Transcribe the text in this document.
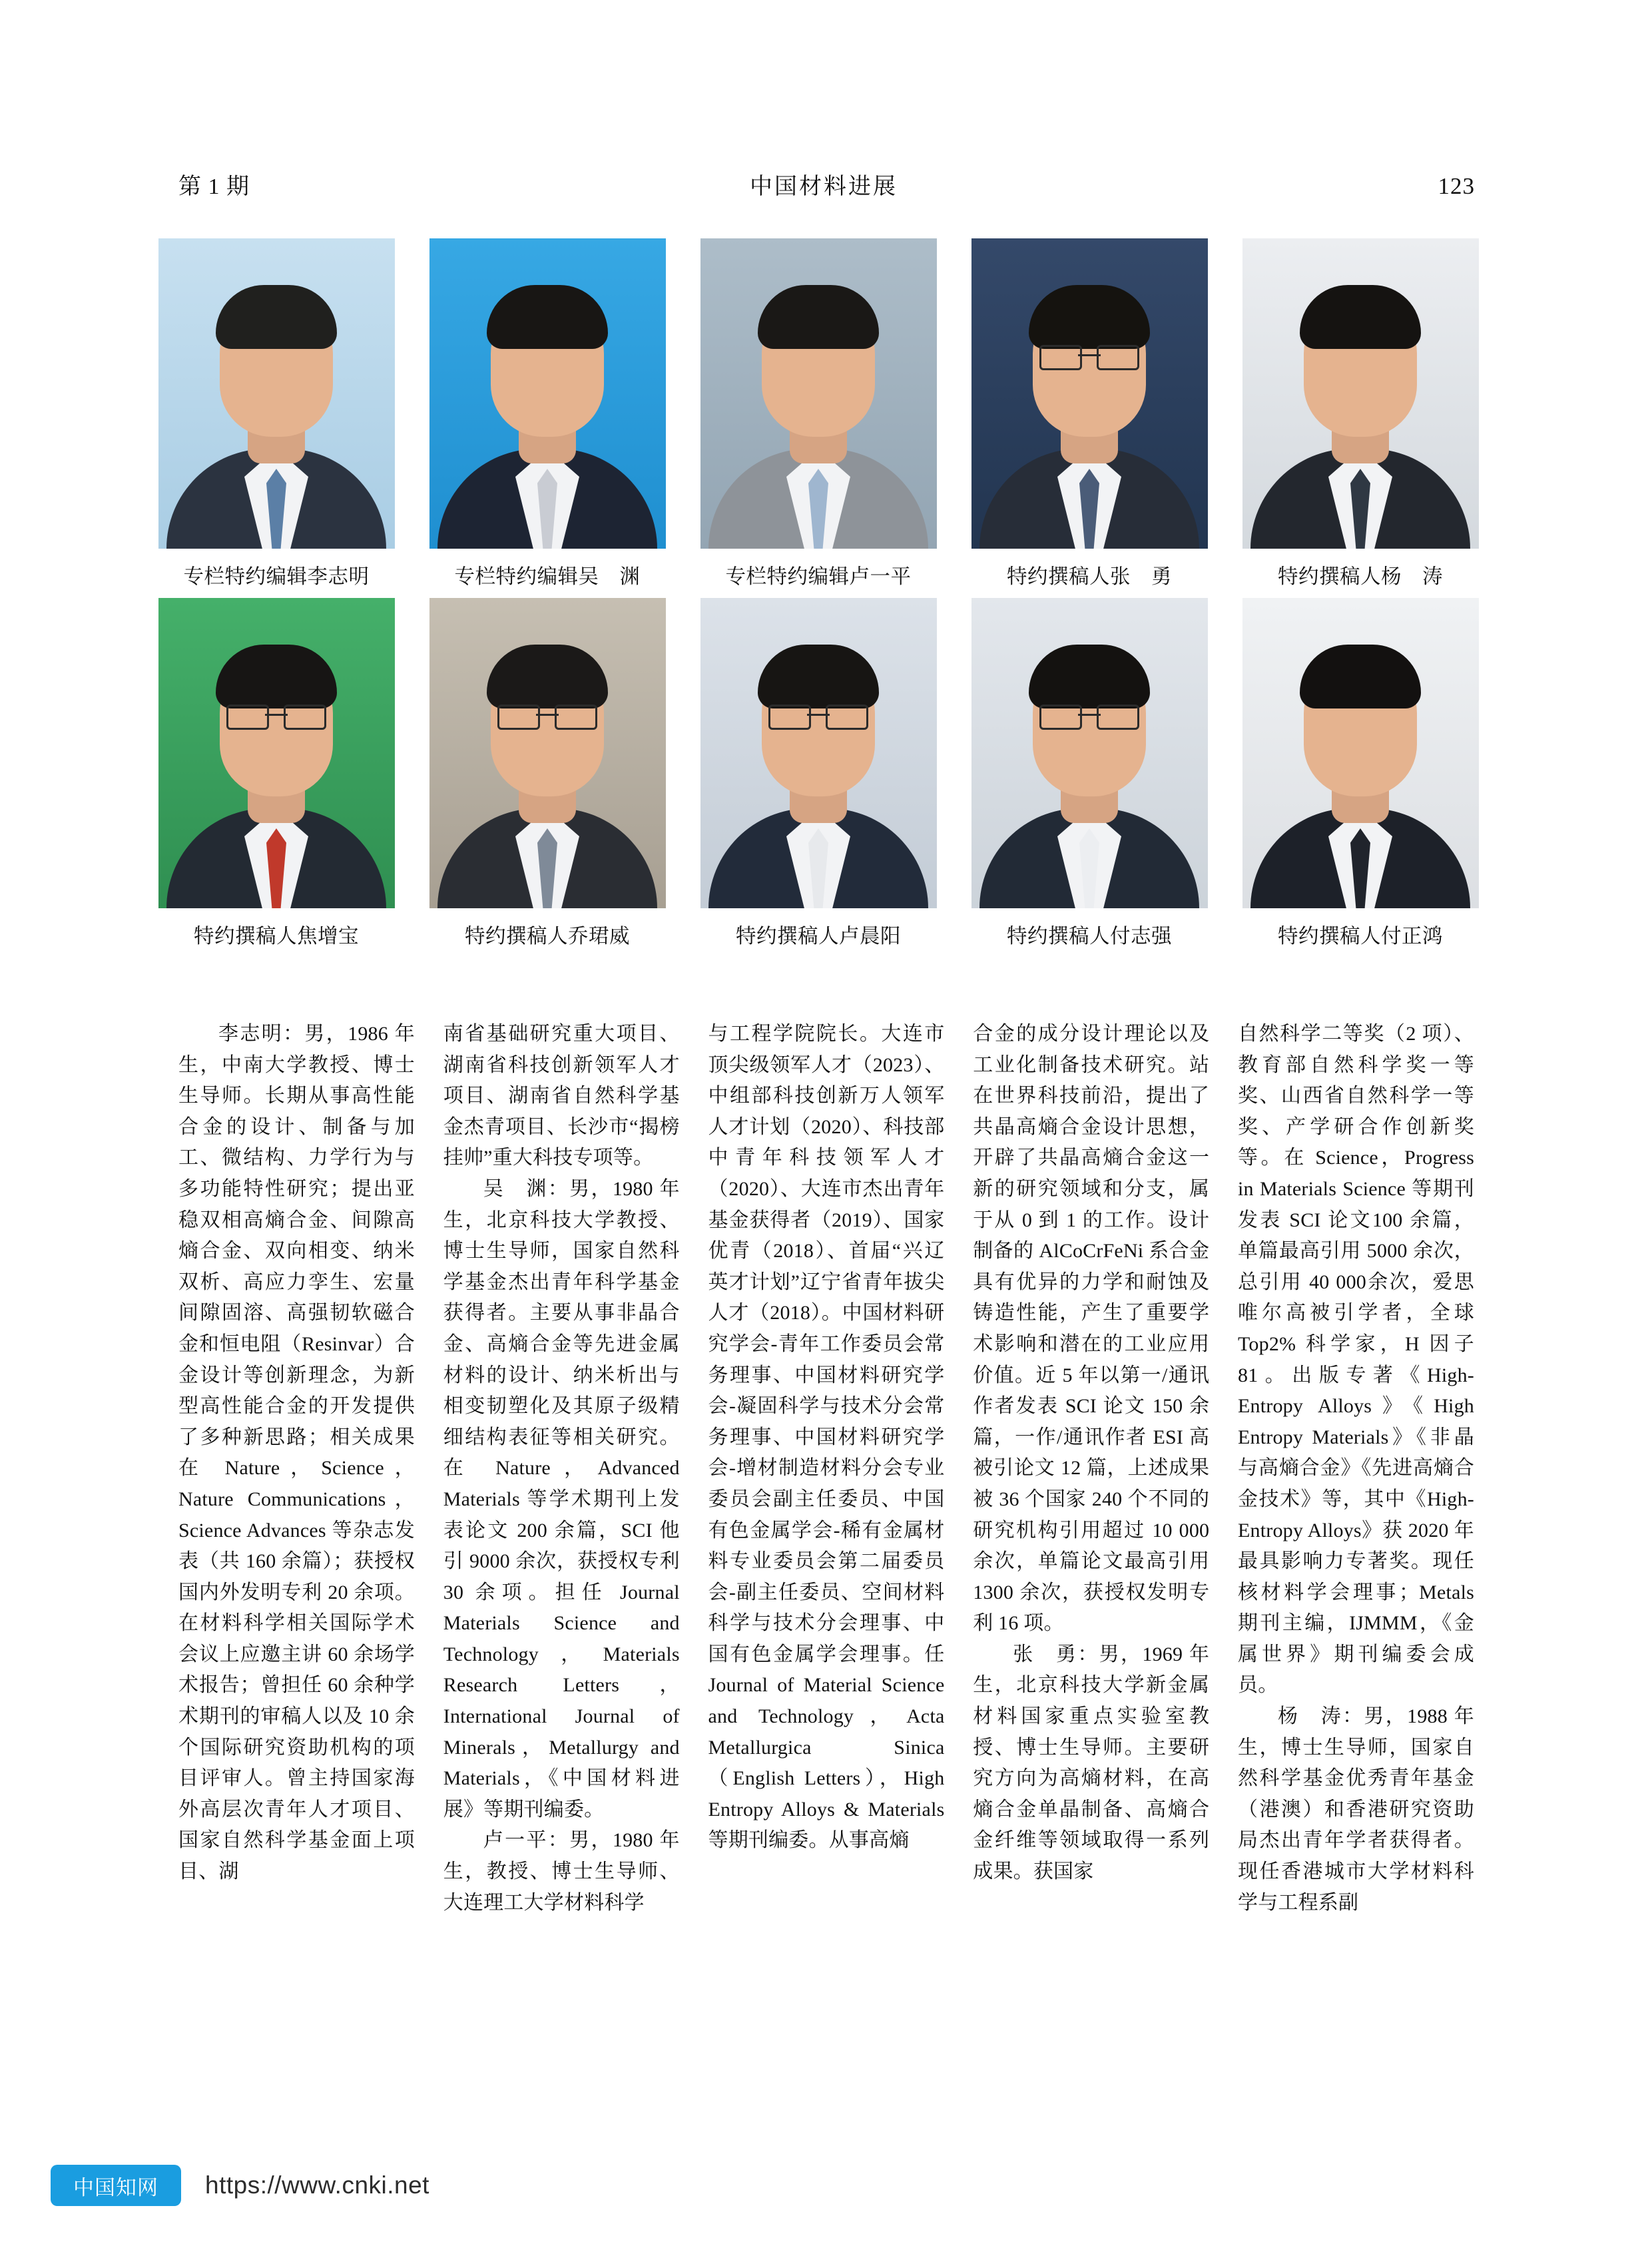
第 1 期	中国材料进展	123
专栏特约编辑李志明	专栏特约编辑吴　渊	专栏特约编辑卢一平	特约撰稿人张　勇	特约撰稿人杨　涛
特约撰稿人焦增宝	特约撰稿人乔珺威	特约撰稿人卢晨阳	特约撰稿人付志强	特约撰稿人付正鸿

李志明：男，1986 年生，中南大学教授、博士生导师。长期从事高性能合金的设计、制备与加工、微结构、力学行为与多功能特性研究；提出亚稳双相高熵合金、间隙高熵合金、双向相变、纳米双析、高应力孪生、宏量间隙固溶、高强韧软磁合金和恒电阻（Resinvar）合金设计等创新理念，为新型高性能合金的开发提供了多种新思路；相关成果在 Nature，Science，Nature Communications，Science Advances 等杂志发表（共 160 余篇）；获授权国内外发明专利 20 余项。在材料科学相关国际学术会议上应邀主讲 60 余场学术报告；曾担任 60 余种学术期刊的审稿人以及 10 余个国际研究资助机构的项目评审人。曾主持国家海外高层次青年人才项目、国家自然科学基金面上项目、湖

南省基础研究重大项目、湖南省科技创新领军人才项目、湖南省自然科学基金杰青项目、长沙市“揭榜挂帅”重大科技专项等。

吴　渊：男，1980 年生，北京科技大学教授、博士生导师，国家自然科学基金杰出青年科学基金获得者。主要从事非晶合金、高熵合金等先进金属材料的设计、纳米析出与相变韧塑化及其原子级精细结构表征等相关研究。在 Nature，Advanced Materials 等学术期刊上发表论文 200 余篇，SCI 他引 9000 余次，获授权专利 30 余项。担任 Journal Materials Science and Technology，Materials Research Letters，International Journal of Minerals，Metallurgy and Materials，《中国材料进展》等期刊编委。

卢一平：男，1980 年生，教授、博士生导师、大连理工大学材料科学

与工程学院院长。大连市顶尖级领军人才（2023）、中组部科技创新万人领军人才计划（2020）、科技部中青年科技领军人才（2020）、大连市杰出青年基金获得者（2019）、国家优青（2018）、首届“兴辽英才计划”辽宁省青年拔尖人才（2018）。中国材料研究学会-青年工作委员会常务理事、中国材料研究学会-凝固科学与技术分会常务理事、中国材料研究学会-增材制造材料分会专业委员会副主任委员、中国有色金属学会-稀有金属材料专业委员会第二届委员会-副主任委员、空间材料科学与技术分会理事、中国有色金属学会理事。任 Journal of Material Science and Technology，Acta Metallurgica Sinica（English Letters），High Entropy Alloys & Materials 等期刊编委。从事高熵

合金的成分设计理论以及工业化制备技术研究。站在世界科技前沿，提出了共晶高熵合金设计思想，开辟了共晶高熵合金这一新的研究领域和分支，属于从 0 到 1 的工作。设计制备的 AlCoCrFeNi 系合金具有优异的力学和耐蚀及铸造性能，产生了重要学术影响和潜在的工业应用价值。近 5 年以第一/通讯作者发表 SCI 论文 150 余篇，一作/通讯作者 ESI 高被引论文 12 篇，上述成果被 36 个国家 240 个不同的研究机构引用超过 10 000 余次，单篇论文最高引用 1300 余次，获授权发明专利 16 项。

张　勇：男，1969 年生，北京科技大学新金属材料国家重点实验室教授、博士生导师。主要研究方向为高熵材料，在高熵合金单晶制备、高熵合金纤维等领域取得一系列成果。获国家

自然科学二等奖（2 项）、教育部自然科学奖一等奖、山西省自然科学一等奖、产学研合作创新奖　等。在 Science，Progress in Materials Science 等期刊发表 SCI 论文100 余篇，单篇最高引用 5000 余次，总引用 40 000余次，爱思唯尔高被引学者，全球 Top2% 科学家，H 因子 81。出版专著《High-Entropy Alloys》《High Entropy Materials》《非晶与高熵合金》《先进高熵合金技术》等，其中《High-Entropy Alloys》获 2020 年最具影响力专著奖。现任核材料学会理事；Metals 期刊主编，IJMMM，《金属世界》期刊编委会成员。

杨　涛：男，1988 年生，博士生导师，国家自然科学基金优秀青年基金（港澳）和香港研究资助局杰出青年学者获得者。现任香港城市大学材料科学与工程系副

中国知网	https://www.cnki.net
